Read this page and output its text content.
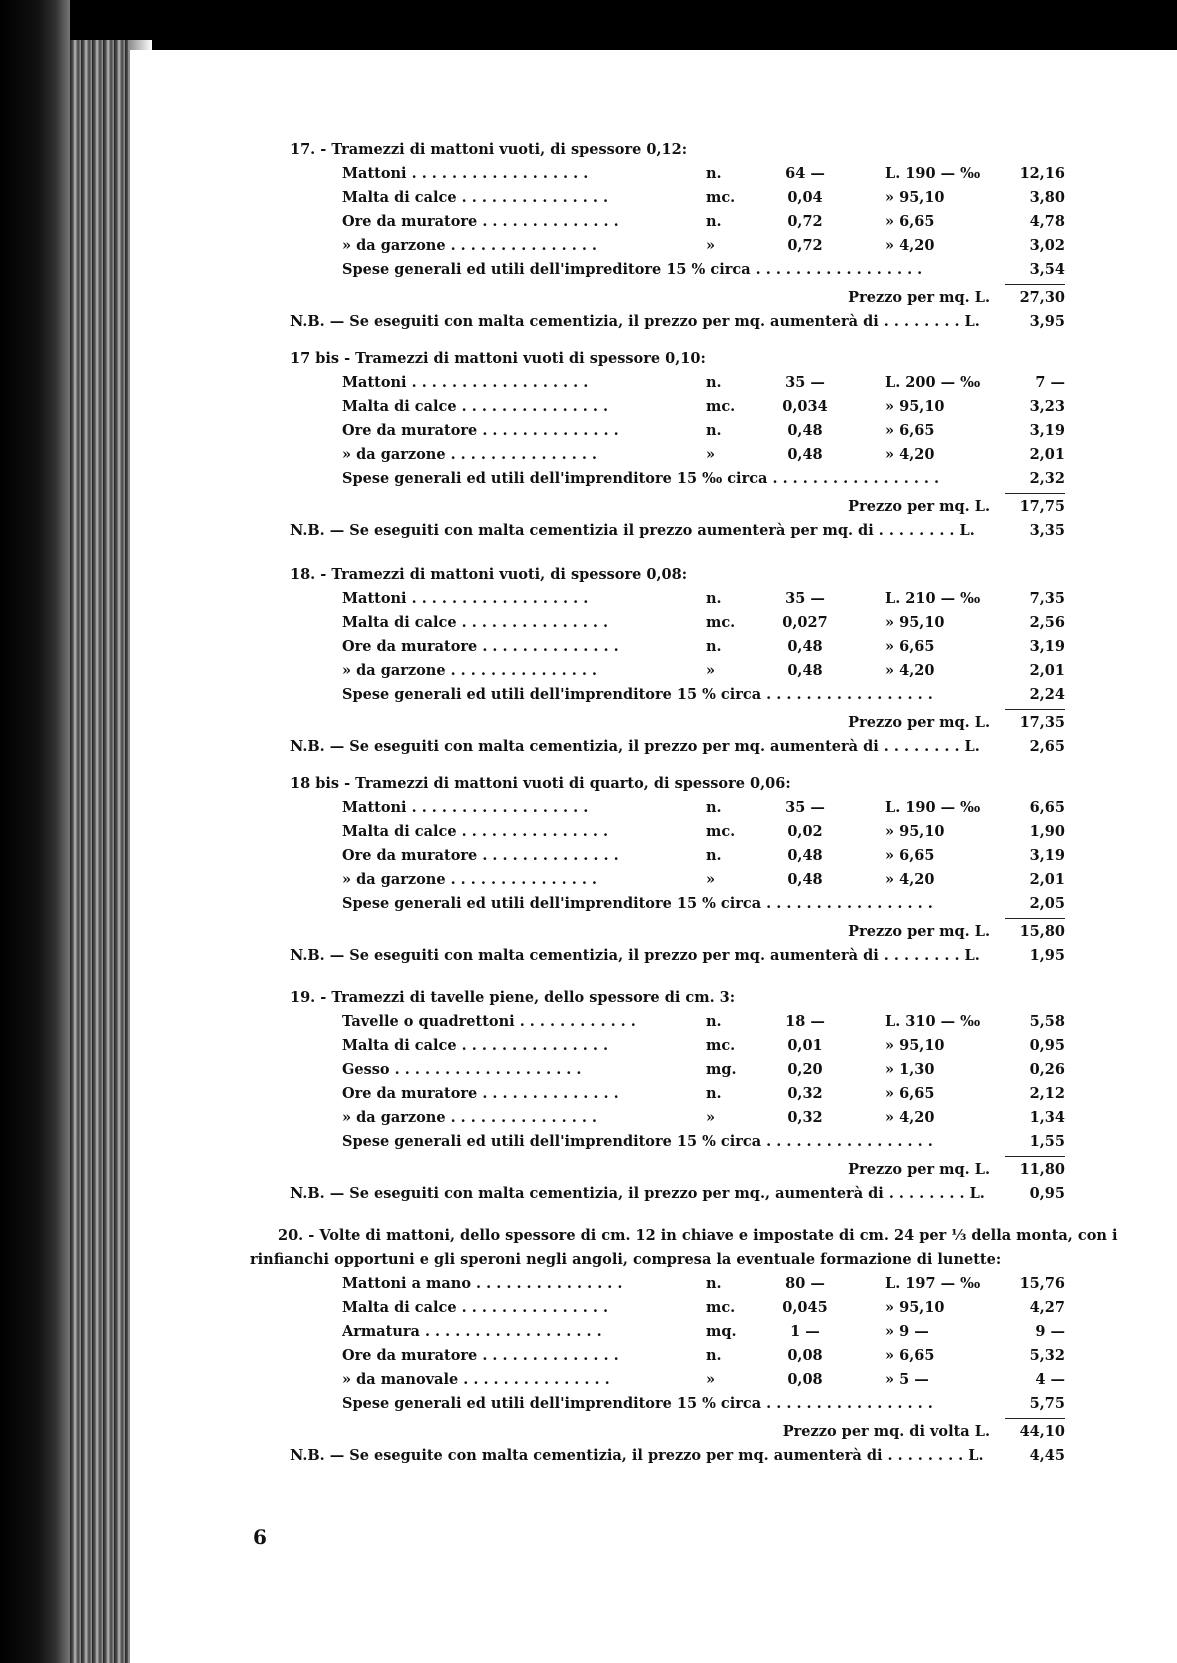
17. - Tramezzi di mattoni vuoti, di spessore 0,12:
Mattoni . . . . . . . . . . . . . . . . . .	n.	64 —	L. 190 — ‰	12,16
Malta di calce . . . . . . . . . . . . . . .	mc.	0,04	» 95,10	3,80
Ore da muratore . . . . . . . . . . . . . .	n.	0,72	» 6,65	4,78
» da garzone . . . . . . . . . . . . . . .	»	0,72	» 4,20	3,02
Spese generali ed utili dell'impreditore 15 % circa . . . . . . . . . . . . . . . . .	3,54
Prezzo per mq. L.	27,30
N.B. — Se eseguiti con malta cementizia, il prezzo per mq. aumenterà di . . . . . . . . L.	3,95
17 bis - Tramezzi di mattoni vuoti di spessore 0,10:
Mattoni . . . . . . . . . . . . . . . . . .	n.	35 —	L. 200 — ‰	7 —
Malta di calce . . . . . . . . . . . . . . .	mc.	0,034	» 95,10	3,23
Ore da muratore . . . . . . . . . . . . . .	n.	0,48	» 6,65	3,19
» da garzone . . . . . . . . . . . . . . .	»	0,48	» 4,20	2,01
Spese generali ed utili dell'imprenditore 15 ‰ circa . . . . . . . . . . . . . . . . .	2,32
Prezzo per mq. L.	17,75
N.B. — Se eseguiti con malta cementizia il prezzo aumenterà per mq. di . . . . . . . . L.	3,35
18. - Tramezzi di mattoni vuoti, di spessore 0,08:
Mattoni . . . . . . . . . . . . . . . . . .	n.	35 —	L. 210 — ‰	7,35
Malta di calce . . . . . . . . . . . . . . .	mc.	0,027	» 95,10	2,56
Ore da muratore . . . . . . . . . . . . . .	n.	0,48	» 6,65	3,19
» da garzone . . . . . . . . . . . . . . .	»	0,48	» 4,20	2,01
Spese generali ed utili dell'imprenditore 15 % circa . . . . . . . . . . . . . . . . .	2,24
Prezzo per mq. L.	17,35
N.B. — Se eseguiti con malta cementizia, il prezzo per mq. aumenterà di . . . . . . . . L.	2,65
18 bis - Tramezzi di mattoni vuoti di quarto, di spessore 0,06:
Mattoni . . . . . . . . . . . . . . . . . .	n.	35 —	L. 190 — ‰	6,65
Malta di calce . . . . . . . . . . . . . . .	mc.	0,02	» 95,10	1,90
Ore da muratore . . . . . . . . . . . . . .	n.	0,48	» 6,65	3,19
» da garzone . . . . . . . . . . . . . . .	»	0,48	» 4,20	2,01
Spese generali ed utili dell'imprenditore 15 % circa . . . . . . . . . . . . . . . . .	2,05
Prezzo per mq. L.	15,80
N.B. — Se eseguiti con malta cementizia, il prezzo per mq. aumenterà di . . . . . . . . L.	1,95
19. - Tramezzi di tavelle piene, dello spessore di cm. 3:
Tavelle o quadrettoni . . . . . . . . . . . .	n.	18 —	L. 310 — ‰	5,58
Malta di calce . . . . . . . . . . . . . . .	mc.	0,01	» 95,10	0,95
Gesso . . . . . . . . . . . . . . . . . . .	mg.	0,20	» 1,30	0,26
Ore da muratore . . . . . . . . . . . . . .	n.	0,32	» 6,65	2,12
» da garzone . . . . . . . . . . . . . . .	»	0,32	» 4,20	1,34
Spese generali ed utili dell'imprenditore 15 % circa . . . . . . . . . . . . . . . . .	1,55
Prezzo per mq. L.	11,80
N.B. — Se eseguiti con malta cementizia, il prezzo per mq., aumenterà di . . . . . . . . L.	0,95
20. - Volte di mattoni, dello spessore di cm. 12 in chiave e impostate di cm. 24 per ⅓ della monta, con i
rinfianchi opportuni e gli speroni negli angoli, compresa la eventuale formazione di lunette:
Mattoni a mano . . . . . . . . . . . . . . .	n.	80 —	L. 197 — ‰	15,76
Malta di calce . . . . . . . . . . . . . . .	mc.	0,045	» 95,10	4,27
Armatura . . . . . . . . . . . . . . . . . .	mq.	1 —	» 9 —	9 —
Ore da muratore . . . . . . . . . . . . . .	n.	0,08	» 6,65	5,32
» da manovale . . . . . . . . . . . . . . .	»	0,08	» 5 —	4 —
Spese generali ed utili dell'imprenditore 15 % circa . . . . . . . . . . . . . . . . .	5,75
Prezzo per mq. di volta L.	44,10
N.B. — Se eseguite con malta cementizia, il prezzo per mq. aumenterà di . . . . . . . . L.	4,45
6
